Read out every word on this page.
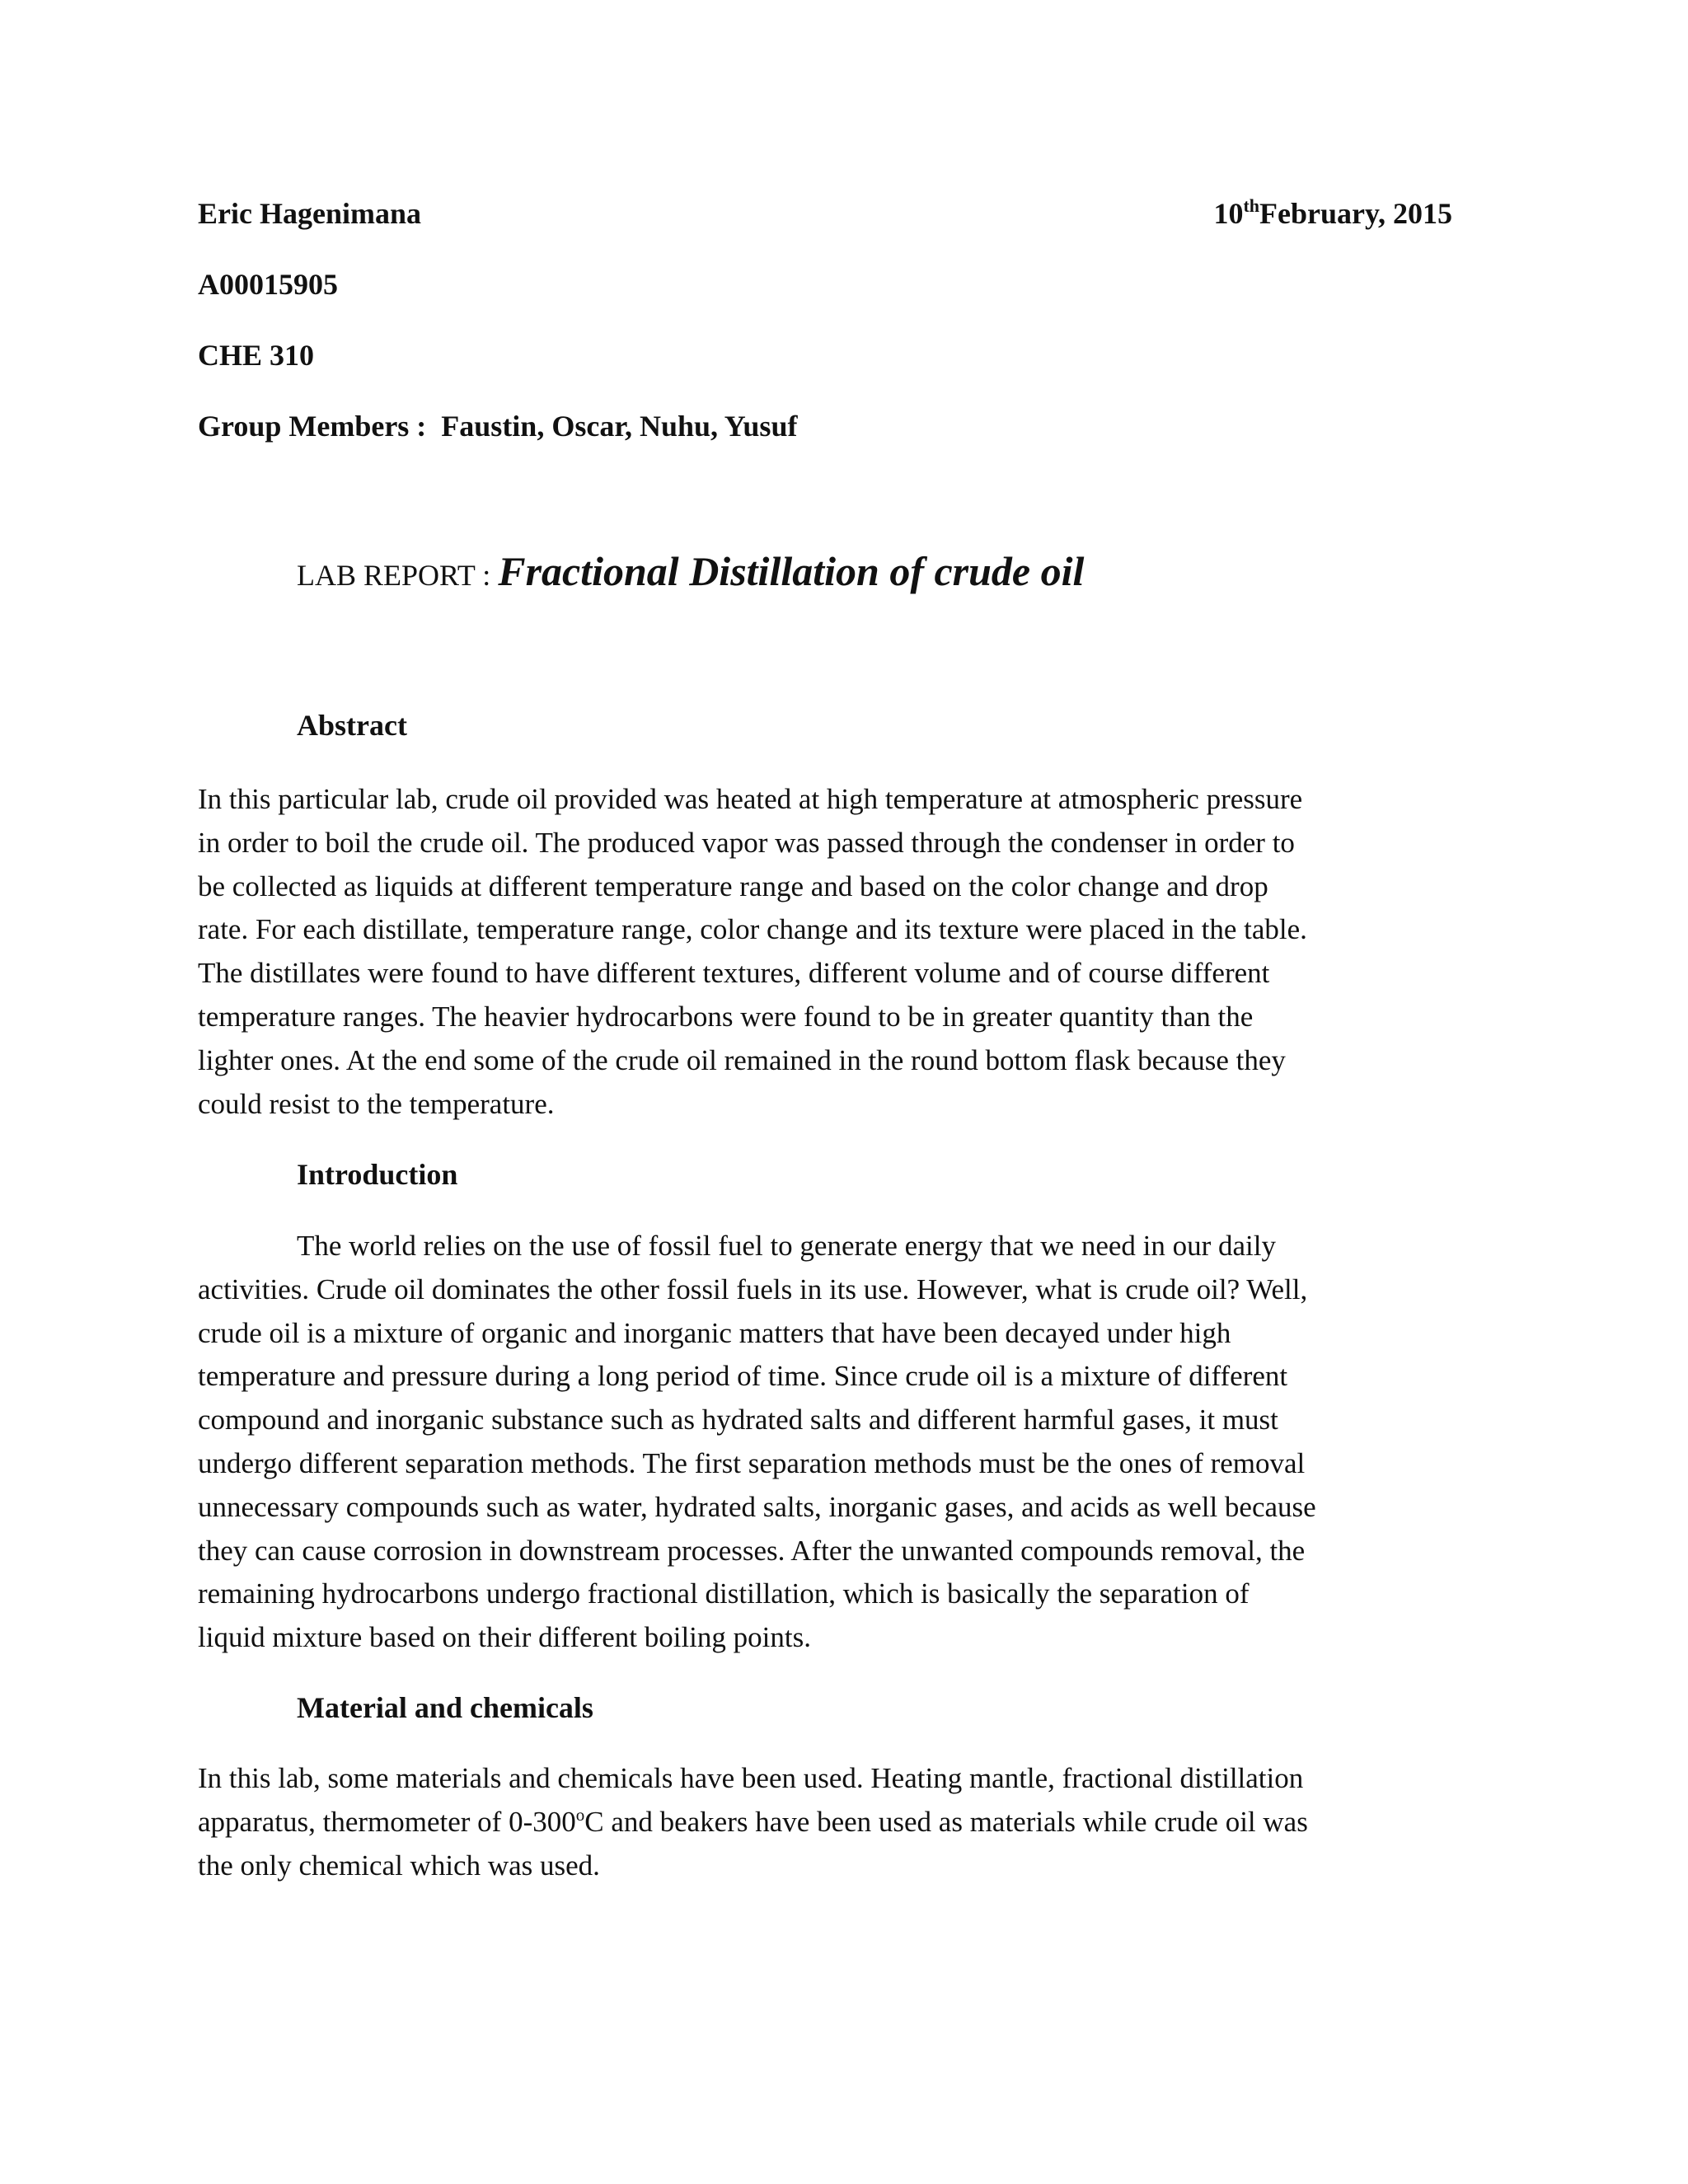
Eric Hagenimana	10thFebruary, 2015
A00015905
CHE 310
Group Members : Faustin, Oscar, Nuhu, Yusuf
LAB REPORT : Fractional Distillation of crude oil
Abstract
In this particular lab, crude oil provided was heated at high temperature at atmospheric pressure
in order to boil the crude oil. The produced vapor was passed through the condenser in order to
be collected as liquids at different temperature range and based on the color change and drop
rate. For each distillate, temperature range, color change and its texture were placed in the table.
The distillates were found to have different textures, different volume and of course different
temperature ranges. The heavier hydrocarbons were found to be in greater quantity than the
lighter ones. At the end some of the crude oil remained in the round bottom flask because they
could resist to the temperature.
Introduction
The world relies on the use of fossil fuel to generate energy that we need in our daily
activities. Crude oil dominates the other fossil fuels in its use. However, what is crude oil? Well,
crude oil is a mixture of organic and inorganic matters that have been decayed under high
temperature and pressure during a long period of time. Since crude oil is a mixture of different
compound and inorganic substance such as hydrated salts and different harmful gases, it must
undergo different separation methods. The first separation methods must be the ones of removal
unnecessary compounds such as water, hydrated salts, inorganic gases, and acids as well because
they can cause corrosion in downstream processes. After the unwanted compounds removal, the
remaining hydrocarbons undergo fractional distillation, which is basically the separation of
liquid mixture based on their different boiling points.
Material and chemicals
In this lab, some materials and chemicals have been used. Heating mantle, fractional distillation
apparatus, thermometer of 0-300$^o$C and beakers have been used as materials while crude oil was
the only chemical which was used.
